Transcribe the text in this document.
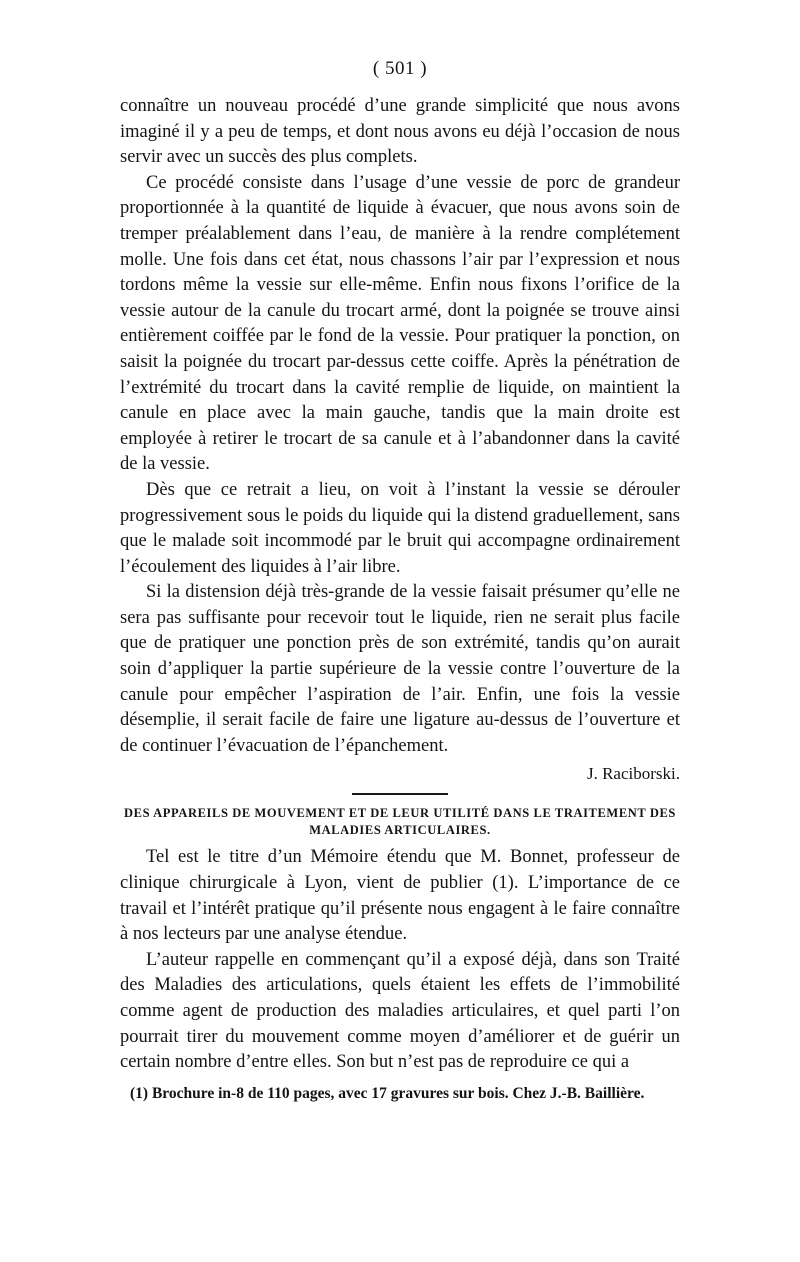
( 501 )

connaître un nouveau procédé d’une grande simplicité que nous avons imaginé il y a peu de temps, et dont nous avons eu déjà l’occasion de nous servir avec un succès des plus complets.

Ce procédé consiste dans l’usage d’une vessie de porc de grandeur proportionnée à la quantité de liquide à évacuer, que nous avons soin de tremper préalablement dans l’eau, de manière à la rendre complétement molle. Une fois dans cet état, nous chassons l’air par l’expression et nous tordons même la vessie sur elle-même. Enfin nous fixons l’orifice de la vessie autour de la canule du trocart armé, dont la poignée se trouve ainsi entièrement coiffée par le fond de la vessie. Pour pratiquer la ponction, on saisit la poignée du trocart par-dessus cette coiffe. Après la pénétration de l’extrémité du trocart dans la cavité remplie de liquide, on maintient la canule en place avec la main gauche, tandis que la main droite est employée à retirer le trocart de sa canule et à l’abandonner dans la cavité de la vessie.

Dès que ce retrait a lieu, on voit à l’instant la vessie se dérouler progressivement sous le poids du liquide qui la distend graduellement, sans que le malade soit incommodé par le bruit qui accompagne ordinairement l’écoulement des liquides à l’air libre.

Si la distension déjà très-grande de la vessie faisait présumer qu’elle ne sera pas suffisante pour recevoir tout le liquide, rien ne serait plus facile que de pratiquer une ponction près de son extrémité, tandis qu’on aurait soin d’appliquer la partie supérieure de la vessie contre l’ouverture de la canule pour empêcher l’aspiration de l’air. Enfin, une fois la vessie désemplie, il serait facile de faire une ligature au-dessus de l’ouverture et de continuer l’évacuation de l’épanchement.

J. Raciborski.

DES APPAREILS DE MOUVEMENT ET DE LEUR UTILITÉ DANS LE TRAITEMENT DES MALADIES ARTICULAIRES.

Tel est le titre d’un Mémoire étendu que M. Bonnet, professeur de clinique chirurgicale à Lyon, vient de publier (1). L’importance de ce travail et l’intérêt pratique qu’il présente nous engagent à le faire connaître à nos lecteurs par une analyse étendue.

L’auteur rappelle en commençant qu’il a exposé déjà, dans son Traité des Maladies des articulations, quels étaient les effets de l’immobilité comme agent de production des maladies articulaires, et quel parti l’on pourrait tirer du mouvement comme moyen d’améliorer et de guérir un certain nombre d’entre elles. Son but n’est pas de reproduire ce qui a

(1) Brochure in-8 de 110 pages, avec 17 gravures sur bois. Chez J.-B. Baillière.
